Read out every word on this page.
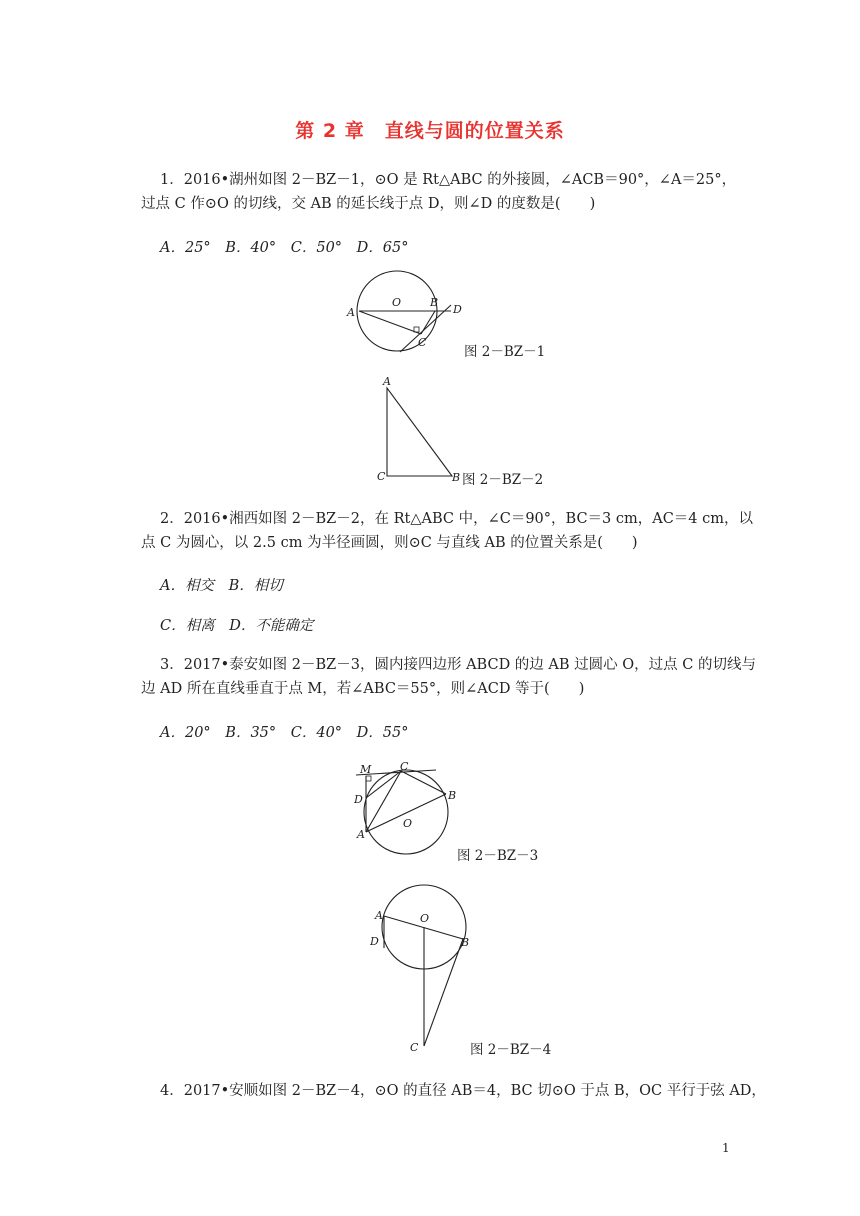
第 2 章　直线与圆的位置关系
1．2016•湖州如图 2－BZ－1，⊙O 是 Rt△ABC 的外接圆，∠ACB＝90°，∠A＝25°，
过点 C 作⊙O 的切线，交 AB 的延长线于点 D，则∠D 的度数是(　　)
A．25° B．40° C．50° D．65°
A
O	B
D
C
图 2－BZ－1
A
C	B 图 2－BZ－2
2．2016•湘西如图 2－BZ－2，在 Rt△ABC 中，∠C＝90°，BC＝3 cm，AC＝4 cm，以
点 C 为圆心，以 2.5 cm 为半径画圆，则⊙C 与直线 AB 的位置关系是(　　)
A．相交 B．相切
C．相离 D．不能确定
3．2017•泰安如图 2－BZ－3，圆内接四边形 ABCD 的边 AB 过圆心 O，过点 C 的切线与
边 AD 所在直线垂直于点 M，若∠ABC＝55°，则∠ACD 等于(　　)
A．20° B．35° C．40° D．55°
M	C
D	B
A
O
图 2－BZ－3
A	O
D	B
C	图 2－BZ－4
4．2017•安顺如图 2－BZ－4，⊙O 的直径 AB＝4，BC 切⊙O 于点 B，OC 平行于弦 AD，
1
